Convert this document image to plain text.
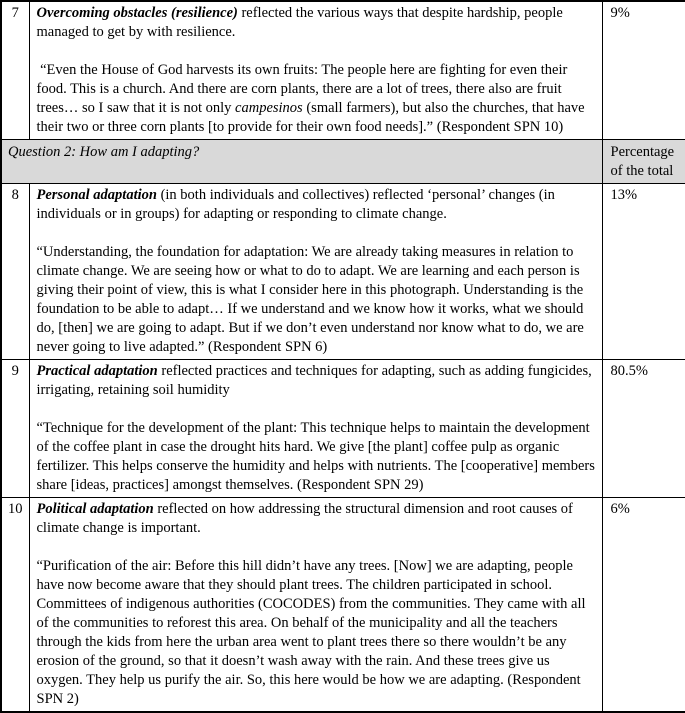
7	Overcoming obstacles (resilience) reflected the various ways that despite hardship, people managed to get by with resilience.

“Even the House of God harvests its own fruits: The people here are fighting for even their food. This is a church. And there are corn plants, there are a lot of trees, there also are fruit trees… so I saw that it is not only campesinos (small farmers), but also the churches, that have their two or three corn plants [to provide for their own food needs].” (Respondent SPN 10)	9%
Question 2: How am I adapting?		Percentage of the total
8	Personal adaptation (in both individuals and collectives) reflected ‘personal’ changes (in individuals or in groups) for adapting or responding to climate change.

“Understanding, the foundation for adaptation: We are already taking measures in relation to climate change. We are seeing how or what to do to adapt. We are learning and each person is giving their point of view, this is what I consider here in this photograph. Understanding is the foundation to be able to adapt… If we understand and we know how it works, what we should do, [then] we are going to adapt. But if we don’t even understand nor know what to do, we are never going to live adapted.” (Respondent SPN 6)	13%
9	Practical adaptation reflected practices and techniques for adapting, such as adding fungicides, irrigating, retaining soil humidity

“Technique for the development of the plant: This technique helps to maintain the development of the coffee plant in case the drought hits hard. We give [the plant] coffee pulp as organic fertilizer. This helps conserve the humidity and helps with nutrients. The [cooperative] members share [ideas, practices] amongst themselves. (Respondent SPN 29)	80.5%
10	Political adaptation reflected on how addressing the structural dimension and root causes of climate change is important.

“Purification of the air: Before this hill didn’t have any trees. [Now] we are adapting, people have now become aware that they should plant trees. The children participated in school. Committees of indigenous authorities (COCODES) from the communities. They came with all of the communities to reforest this area. On behalf of the municipality and all the teachers through the kids from here the urban area went to plant trees there so there wouldn’t be any erosion of the ground, so that it doesn’t wash away with the rain. And these trees give us oxygen. They help us purify the air. So, this here would be how we are adapting. (Respondent SPN 2)	6%
